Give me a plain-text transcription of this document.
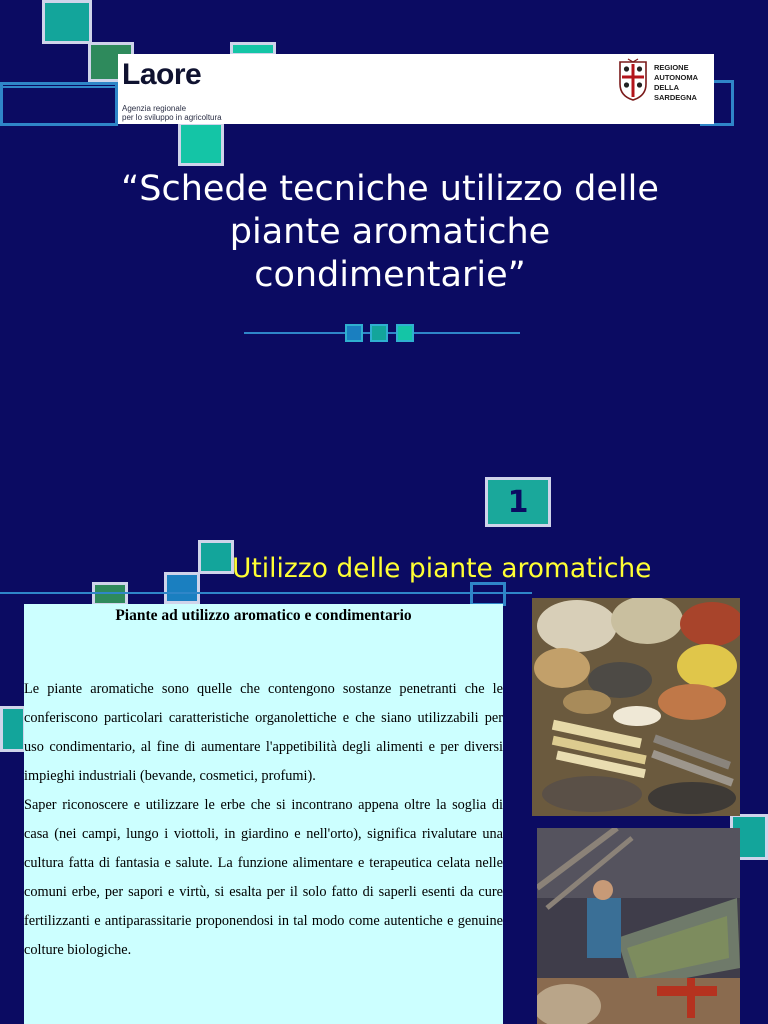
Laore
Agenzia regionale
per lo sviluppo in agricoltura
REGIONE
AUTONOMA
DELLA SARDEGNA
“Schede tecniche utilizzo delle
piante aromatiche
condimentarie”
1
Utilizzo delle piante aromatiche
Piante ad utilizzo aromatico e condimentario

Le piante aromatiche sono quelle che contengono sostanze penetranti che le conferiscono particolari caratteristiche organolettiche e che siano utilizzabili per uso condimentario, al fine di aumentare l'appetibilità degli alimenti e per diversi impieghi industriali (bevande, cosmetici, profumi).

Saper riconoscere e utilizzare le erbe che si incontrano appena oltre la soglia di casa (nei campi, lungo i viottoli, in giardino e nell'orto), significa rivalutare una cultura fatta di fantasia e salute. La funzione alimentare e terapeutica celata nelle comuni erbe, per sapori e virtù, si esalta per il solo fatto di saperli esenti da cure fertilizzanti e antiparassitarie proponendosi in tal modo come autentiche e genuine colture biologiche.
